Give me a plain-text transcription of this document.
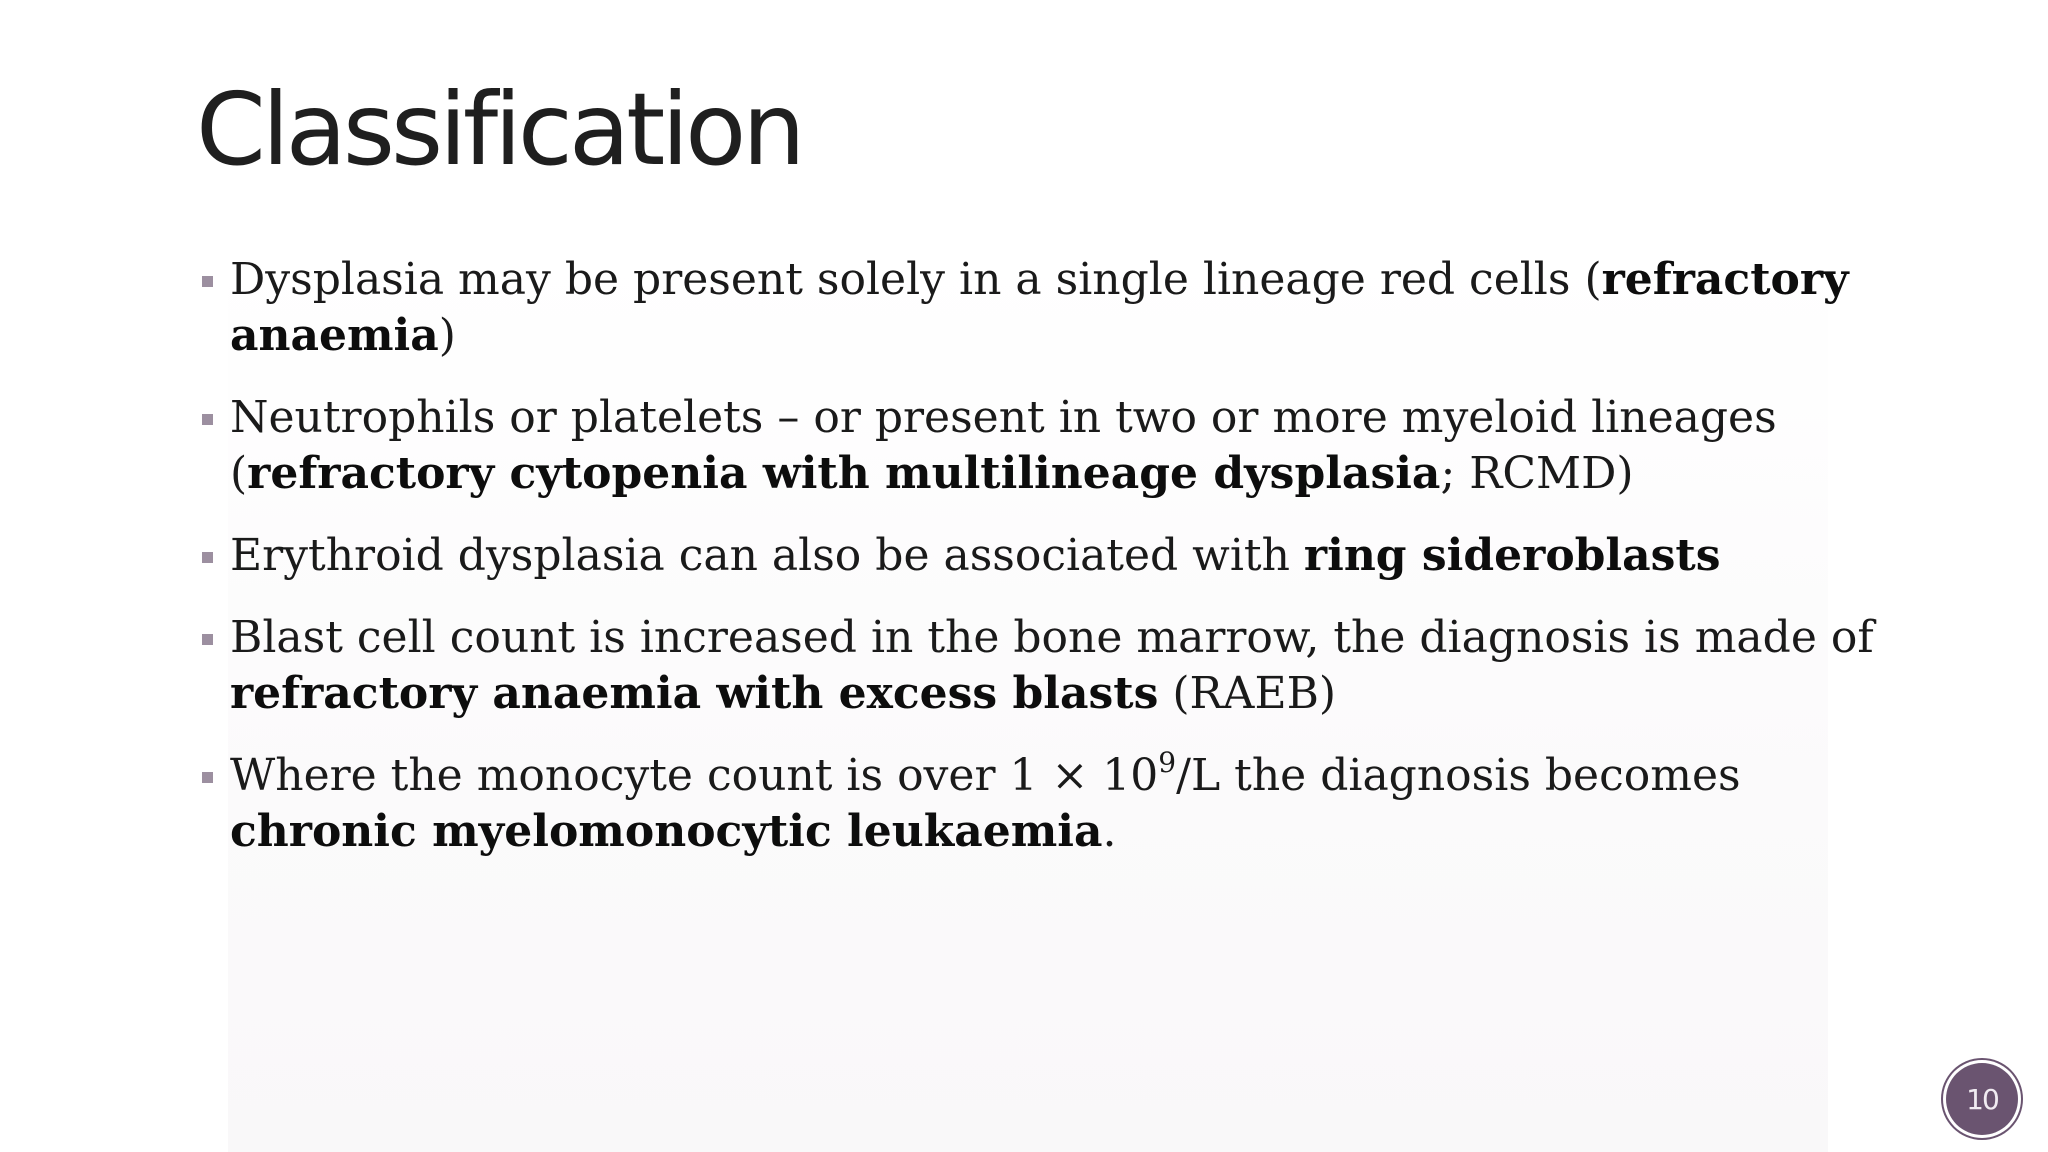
Classification
Dysplasia may be present solely in a single lineage red cells (refractory anaemia)
Neutrophils or platelets – or present in two or more myeloid lineages (refractory cytopenia with multilineage dysplasia; RCMD)
Erythroid dysplasia can also be associated with ring sideroblasts
Blast cell count is increased in the bone marrow, the diagnosis is made of refractory anaemia with excess blasts (RAEB)
Where the monocyte count is over $1 \times 10^9/L$ the diagnosis becomes chronic myelomonocytic leukaemia.
10
